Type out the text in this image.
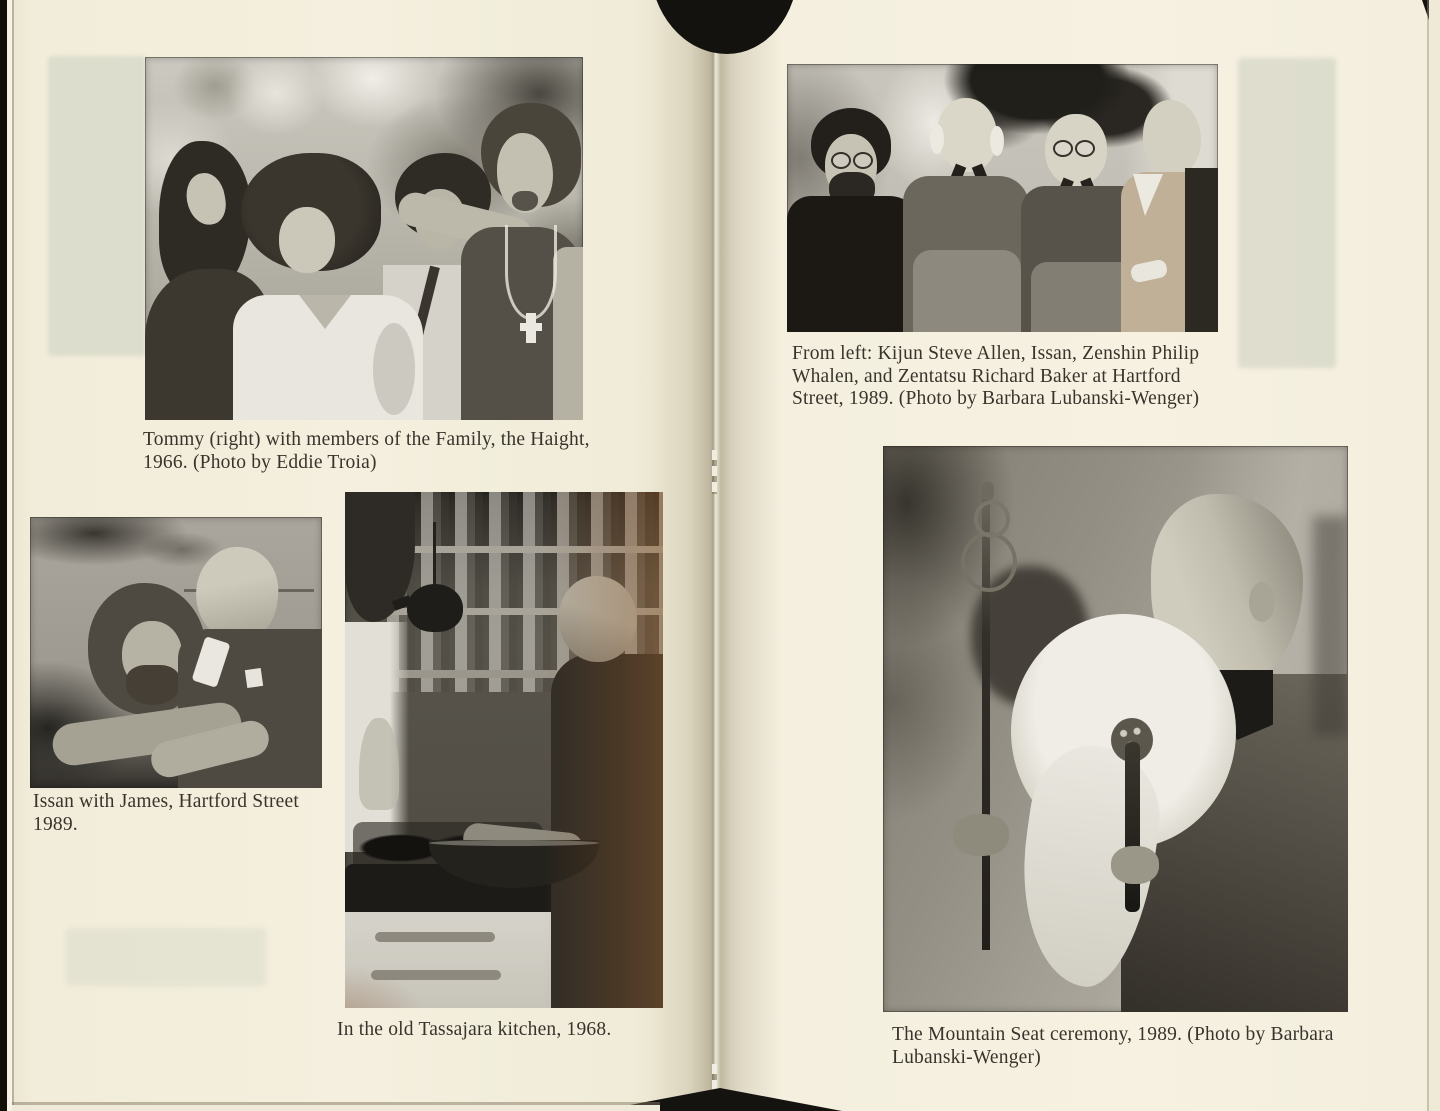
Tommy (right) with members of the Family, the Haight, 1966. (Photo by Eddie Troia)
From left: Kijun Steve Allen, Issan, Zenshin Philip Whalen, and Zentatsu Richard Baker at Hartford Street, 1989. (Photo by Barbara Lubanski-Wenger)
Issan with James, Hartford Street 1989.
In the old Tassajara kitchen, 1968.	The Mountain Seat ceremony, 1989. (Photo by Barbara Lubanski-Wenger)
